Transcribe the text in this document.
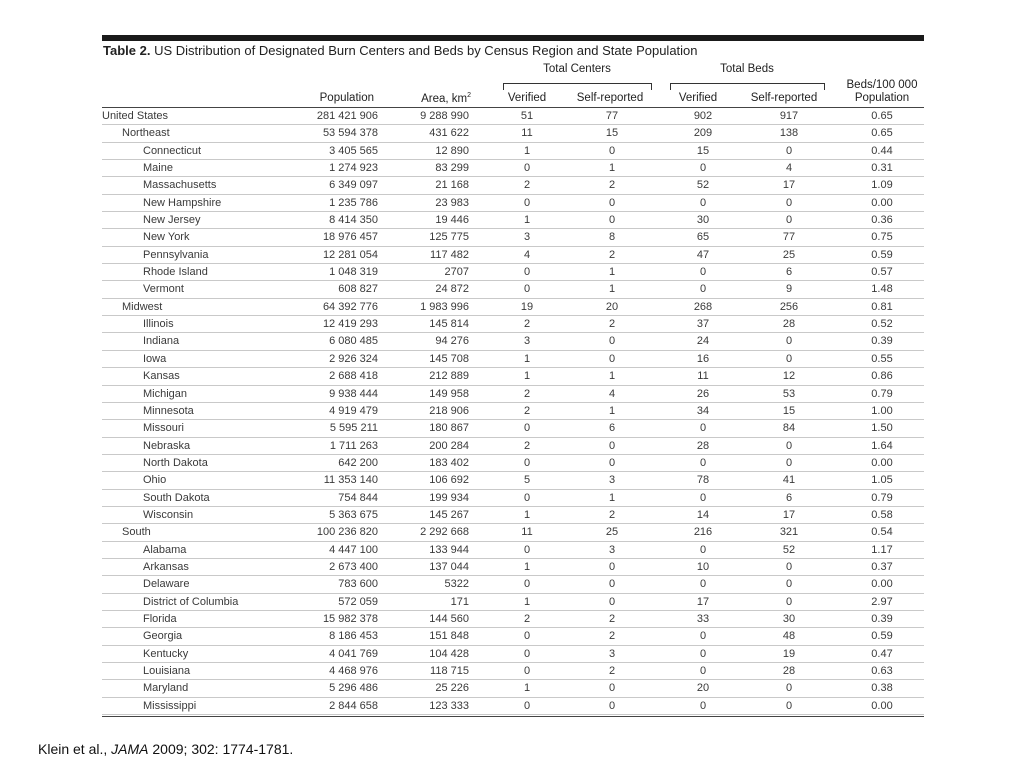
Table 2. US Distribution of Designated Burn Centers and Beds by Census Region and State Population
Total Centers	Total Beds
Population	Area, $km^2$	Verified	Self-reported	Verified	Self-reported
Beds/100 000
Population
United States	281 421 906	9 288 990	51	77	902	917	0.65
Northeast	53 594 378	431 622	11	15	209	138	0.65
Connecticut	3 405 565	12 890	1	0	15	0	0.44
Maine	1 274 923	83 299	0	1	0	4	0.31
Massachusetts	6 349 097	21 168	2	2	52	17	1.09
New Hampshire	1 235 786	23 983	0	0	0	0	0.00
New Jersey	8 414 350	19 446	1	0	30	0	0.36
New York	18 976 457	125 775	3	8	65	77	0.75
Pennsylvania	12 281 054	117 482	4	2	47	25	0.59
Rhode Island	1 048 319	2707	0	1	0	6	0.57
Vermont	608 827	24 872	0	1	0	9	1.48
Midwest	64 392 776	1 983 996	19	20	268	256	0.81
Illinois	12 419 293	145 814	2	2	37	28	0.52
Indiana	6 080 485	94 276	3	0	24	0	0.39
Iowa	2 926 324	145 708	1	0	16	0	0.55
Kansas	2 688 418	212 889	1	1	11	12	0.86
Michigan	9 938 444	149 958	2	4	26	53	0.79
Minnesota	4 919 479	218 906	2	1	34	15	1.00
Missouri	5 595 211	180 867	0	6	0	84	1.50
Nebraska	1 711 263	200 284	2	0	28	0	1.64
North Dakota	642 200	183 402	0	0	0	0	0.00
Ohio	11 353 140	106 692	5	3	78	41	1.05
South Dakota	754 844	199 934	0	1	0	6	0.79
Wisconsin	5 363 675	145 267	1	2	14	17	0.58
South	100 236 820	2 292 668	11	25	216	321	0.54
Alabama	4 447 100	133 944	0	3	0	52	1.17
Arkansas	2 673 400	137 044	1	0	10	0	0.37
Delaware	783 600	5322	0	0	0	0	0.00
District of Columbia	572 059	171	1	0	17	0	2.97
Florida	15 982 378	144 560	2	2	33	30	0.39
Georgia	8 186 453	151 848	0	2	0	48	0.59
Kentucky	4 041 769	104 428	0	3	0	19	0.47
Louisiana	4 468 976	118 715	0	2	0	28	0.63
Maryland	5 296 486	25 226	1	0	20	0	0.38
Mississippi	2 844 658	123 333	0	0	0	0	0.00
Klein et al., JAMA 2009; 302: 1774-1781.
